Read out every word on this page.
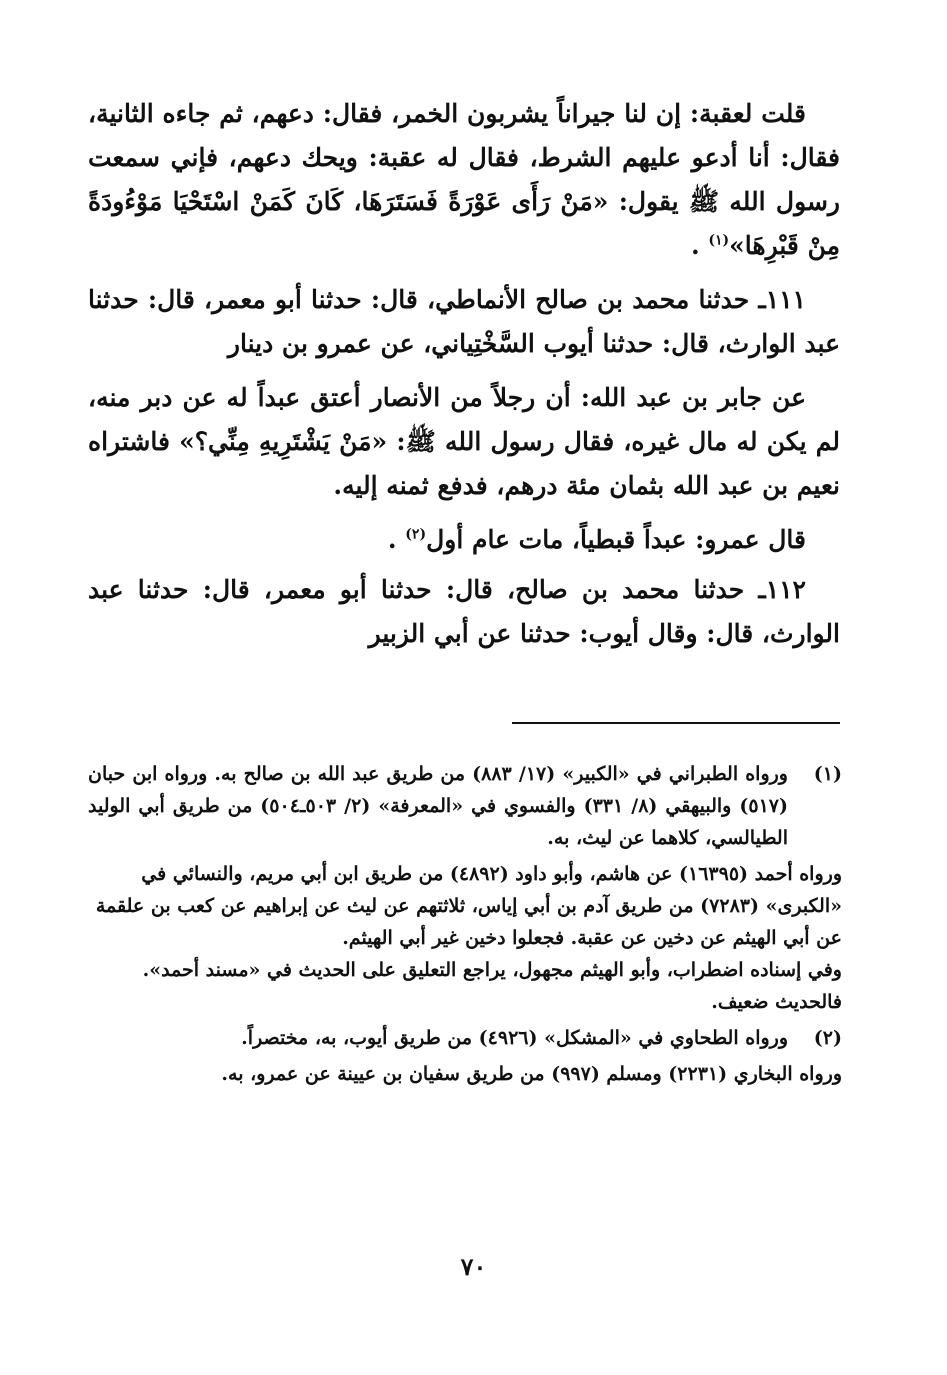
قلت لعقبة: إن لنا جيراناً يشربون الخمر، فقال: دعهم، ثم جاءه الثانية، فقال: أنا أدعو عليهم الشرط، فقال له عقبة: ويحك دعهم، فإني سمعت رسول الله ﷺ يقول: «مَنْ رَأَى عَوْرَةً فَسَتَرَهَا، كَانَ كَمَنْ اسْتَحْيَا مَوْءُودَةً مِنْ قَبْرِهَا»$^{(١)}$ .

١١١ـ حدثنا محمد بن صالح الأنماطي، قال: حدثنا أبو معمر، قال: حدثنا عبد الوارث، قال: حدثنا أيوب السَّخْتِياني، عن عمرو بن دينار

عن جابر بن عبد الله: أن رجلاً من الأنصار أعتق عبداً له عن دبر منه، لم يكن له مال غيره، فقال رسول الله ﷺ: «مَنْ يَشْتَرِيهِ مِنِّي؟» فاشتراه نعيم بن عبد الله بثمان مئة درهم، فدفع ثمنه إليه.

قال عمرو: عبداً قبطياً، مات عام أول$^{(٢)}$ .

١١٢ـ حدثنا محمد بن صالح، قال: حدثنا أبو معمر، قال: حدثنا عبد الوارث، قال: وقال أيوب: حدثنا عن أبي الزبير

(١)

ورواه الطبراني في «الكبير» (١٧/ ٨٨٣) من طريق عبد الله بن صالح به. ورواه ابن حبان (٥١٧) والبيهقي (٨/ ٣٣١) والفسوي في «المعرفة» (٢/ ٥٠٣ـ٥٠٤) من طريق أبي الوليد الطيالسي، كلاهما عن ليث، به.

ورواه أحمد (١٦٣٩٥) عن هاشم، وأبو داود (٤٨٩٢) من طريق ابن أبي مريم، والنسائي في «الكبرى» (٧٢٨٣) من طريق آدم بن أبي إياس، ثلاثتهم عن ليث عن إبراهيم عن كعب بن علقمة عن أبي الهيثم عن دخين عن عقبة. فجعلوا دخين غير أبي الهيثم.

وفي إسناده اضطراب، وأبو الهيثم مجهول، يراجع التعليق على الحديث في «مسند أحمد». فالحديث ضعيف.

(٢)

ورواه الطحاوي في «المشكل» (٤٩٢٦) من طريق أيوب، به، مختصراً.

ورواه البخاري (٢٢٣١) ومسلم (٩٩٧) من طريق سفيان بن عيينة عن عمرو، به.

٧٠
